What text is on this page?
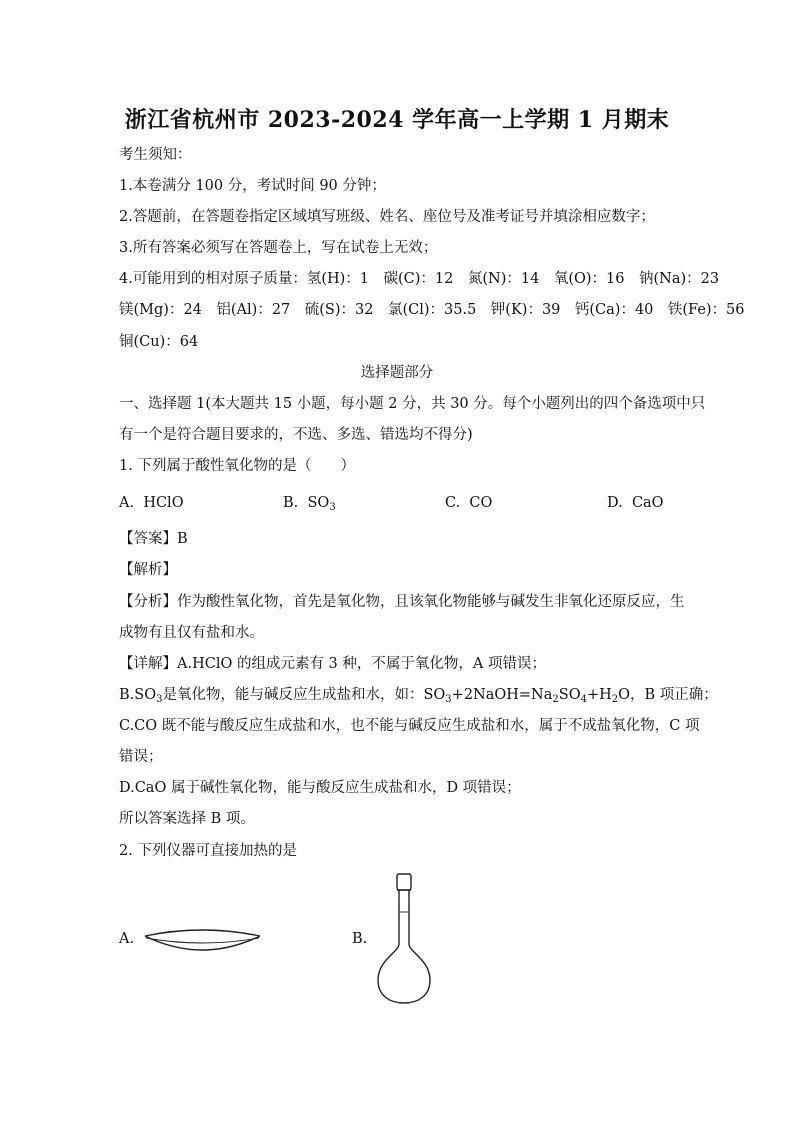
浙江省杭州市 2023-2024 学年高一上学期 1 月期末
考生须知：
1.本卷满分 100 分，考试时间 90 分钟；
2.答题前，在答题卷指定区域填写班级、姓名、座位号及准考证号并填涂相应数字；
3.所有答案必须写在答题卷上，写在试卷上无效；
4.可能用到的相对原子质量：氢(H)：1　碳(C)：12　氮(N)：14　氧(O)：16　钠(Na)：23
镁(Mg)：24　铝(Al)：27　硫(S)：32　氯(Cl)：35.5　钾(K)：39　钙(Ca)：40　铁(Fe)：56
铜(Cu)：64
选择题部分
一、选择题 1(本大题共 15 小题，每小题 2 分，共 30 分。每个小题列出的四个备选项中只
有一个是符合题目要求的，不选、多选、错选均不得分)
1. 下列属于酸性氧化物的是（　　）
A. HClO	B. $SO_3$	C. CO	D. CaO
【答案】B
【解析】
【分析】作为酸性氧化物，首先是氧化物，且该氧化物能够与碱发生非氧化还原反应，生
成物有且仅有盐和水。
【详解】A.HClO 的组成元素有 3 种，不属于氧化物，A 项错误；
$B.SO_3$是氧化物，能与碱反应生成盐和水，如：$SO_3+2NaOH=Na_2SO_4+H_2O$，B 项正确；
C.CO 既不能与酸反应生成盐和水，也不能与碱反应生成盐和水，属于不成盐氧化物，C 项
错误；
D.CaO 属于碱性氧化物，能与酸反应生成盐和水，D 项错误；
所以答案选择 B 项。
2. 下列仪器可直接加热的是
A.	B.
